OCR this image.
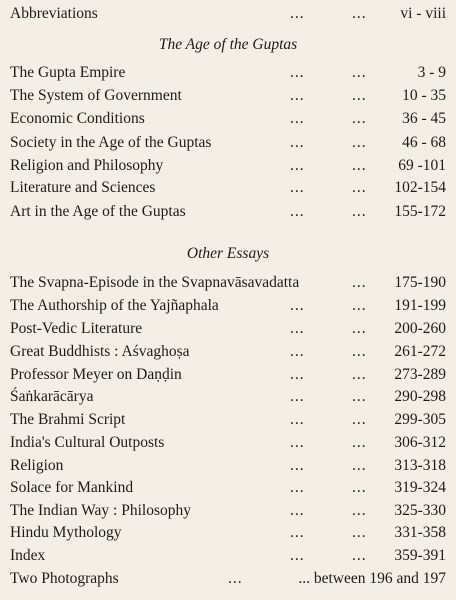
Abbreviations	...	... vi - viii
The Age of the Guptas
The Gupta Empire	...	...	3 - 9
The System of Government	...	... 10 - 35
Economic Conditions	...	... 36 - 45
Society in the Age of the Guptas	...	... 46 - 68
Religion and Philosophy	...	... 69 -101
Literature and Sciences	...	... 102-154
Art in the Age of the Guptas	...	... 155-172
Other Essays
The Svapna-Episode in the Svapnavāsavadatta	... 175-190
The Authorship of the Yajñaphala	...	... 191-199
Post-Vedic Literature	...	... 200-260
Great Buddhists : Aśvaghoṣa	...	... 261-272
Professor Meyer on Daṇḍin	...	... 273-289
Śaṅkarācārya	...	... 290-298
The Brahmi Script	...	... 299-305
India's Cultural Outposts	...	... 306-312
Religion	...	... 313-318
Solace for Mankind	...	... 319-324
The Indian Way : Philosophy	...	... 325-330
Hindu Mythology	...	... 331-358
Index	...	... 359-391
Two Photographs	...	... between 196 and 197
